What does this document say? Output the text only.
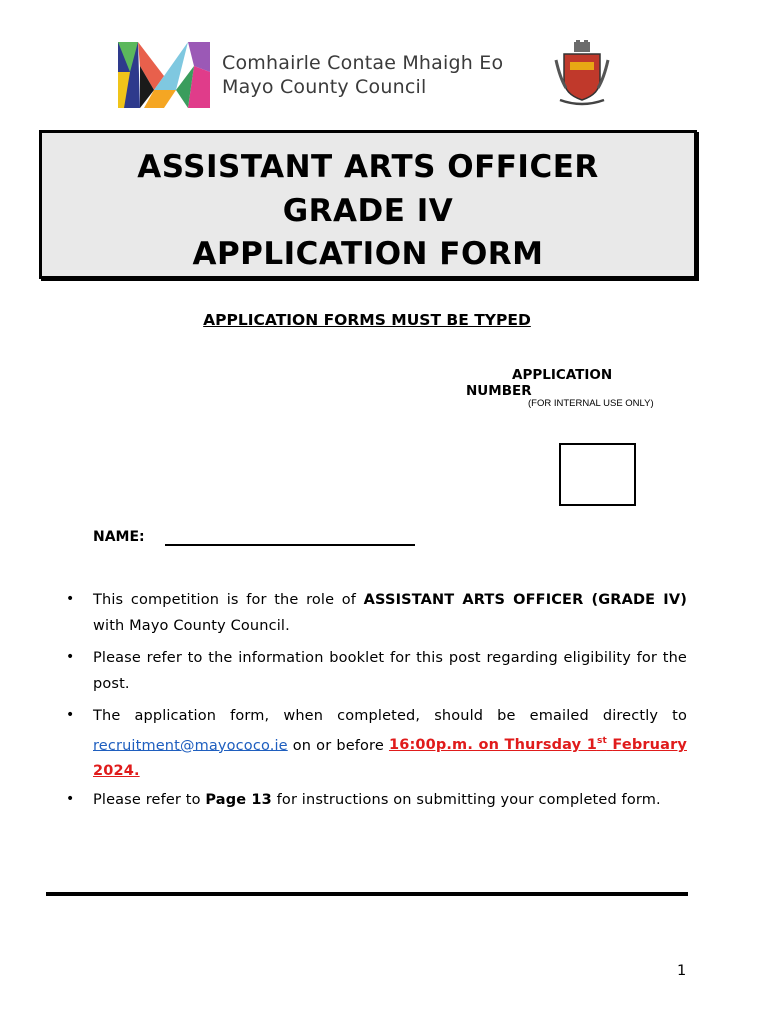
Comhairle Contae Mhaigh Eo
Mayo County Council
ASSISTANT ARTS OFFICER
GRADE IV
APPLICATION FORM
APPLICATION FORMS MUST BE TYPED
APPLICATION
NUMBER
(FOR INTERNAL USE ONLY)
NAME:
• This competition is for the role of ASSISTANT ARTS OFFICER (GRADE IV) with Mayo County Council.
• Please refer to the information booklet for this post regarding eligibility for the post.
• The application form, when completed, should be emailed directly to recruitment@mayococo.ie on or before 16:00p.m. on Thursday 1st February 2024.
• Please refer to Page 13 for instructions on submitting your completed form.
1
